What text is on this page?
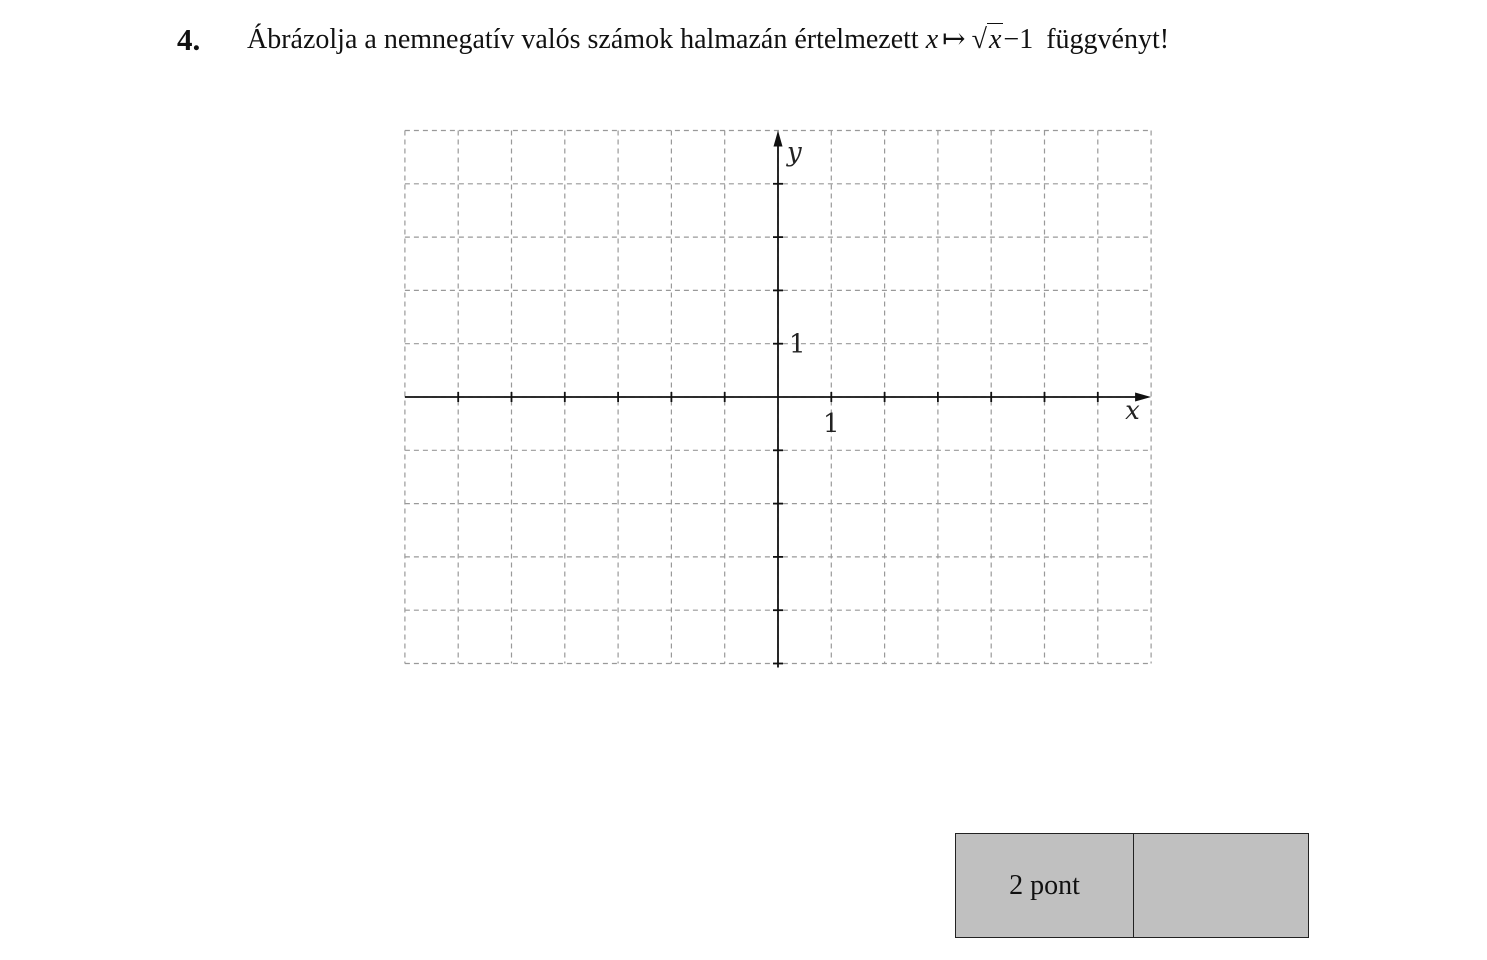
4. Ábrázolja a nemnegatív valós számok halmazán értelmezett x ↦ √x−1 függvényt!
x
y
1
1
2 pont
